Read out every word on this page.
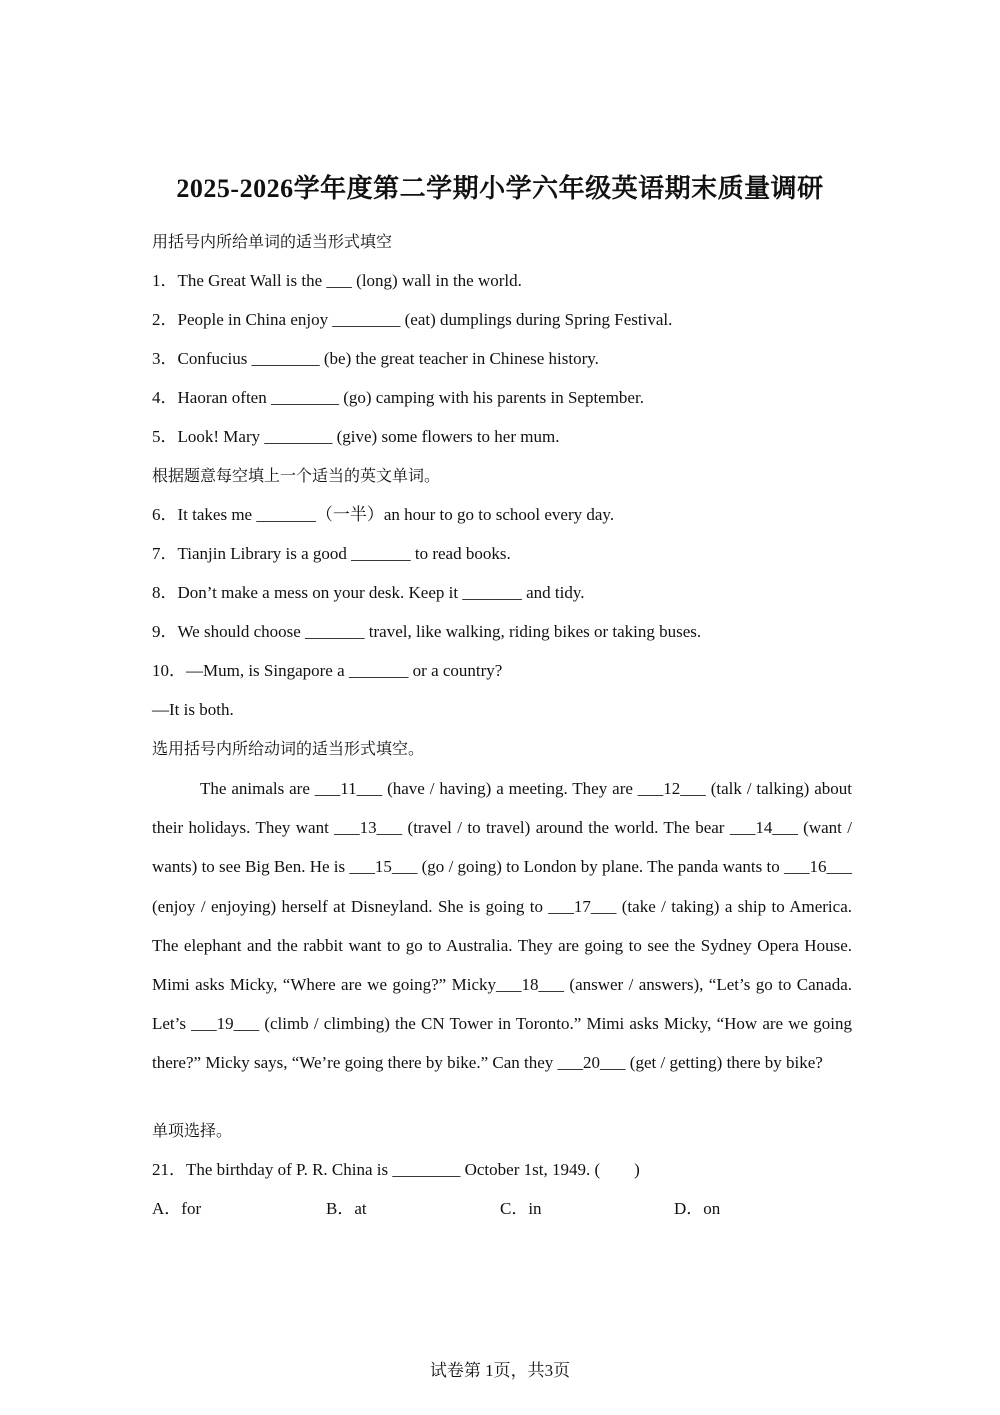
2025-2026学年度第二学期小学六年级英语期末质量调研
用括号内所给单词的适当形式填空
1．The Great Wall is the ___ (long) wall in the world.
2．People in China enjoy ________ (eat) dumplings during Spring Festival.
3．Confucius ________ (be) the great teacher in Chinese history.
4．Haoran often ________ (go) camping with his parents in September.
5．Look! Mary ________ (give) some flowers to her mum.
根据题意每空填上一个适当的英文单词。
6．It takes me _______（一半）an hour to go to school every day.
7．Tianjin Library is a good _______ to read books.
8．Don’t make a mess on your desk. Keep it _______ and tidy.
9．We should choose _______ travel, like walking, riding bikes or taking buses.
10．—Mum, is Singapore a _______ or a country?
—It is both.
选用括号内所给动词的适当形式填空。
The animals are ___11___ (have / having) a meeting. They are ___12___ (talk / talking) about their holidays. They want ___13___ (travel / to travel) around the world. The bear ___14___ (want / wants) to see Big Ben. He is ___15___ (go / going) to London by plane. The panda wants to ___16___ (enjoy / enjoying) herself at Disneyland. She is going to ___17___ (take / taking) a ship to America. The elephant and the rabbit want to go to Australia. They are going to see the Sydney Opera House. Mimi asks Micky, “Where are we going?” Micky___18___ (answer / answers), “Let’s go to Canada. Let’s ___19___ (climb / climbing) the CN Tower in Toronto.” Mimi asks Micky, “How are we going there?” Micky says, “We’re going there by bike.” Can they ___20___ (get / getting) there by bike?
单项选择。
21．The birthday of P. R. China is ________ October 1st, 1949. (　　)
A．for	B．at	C．in	D．on
试卷第 1页，共3页
